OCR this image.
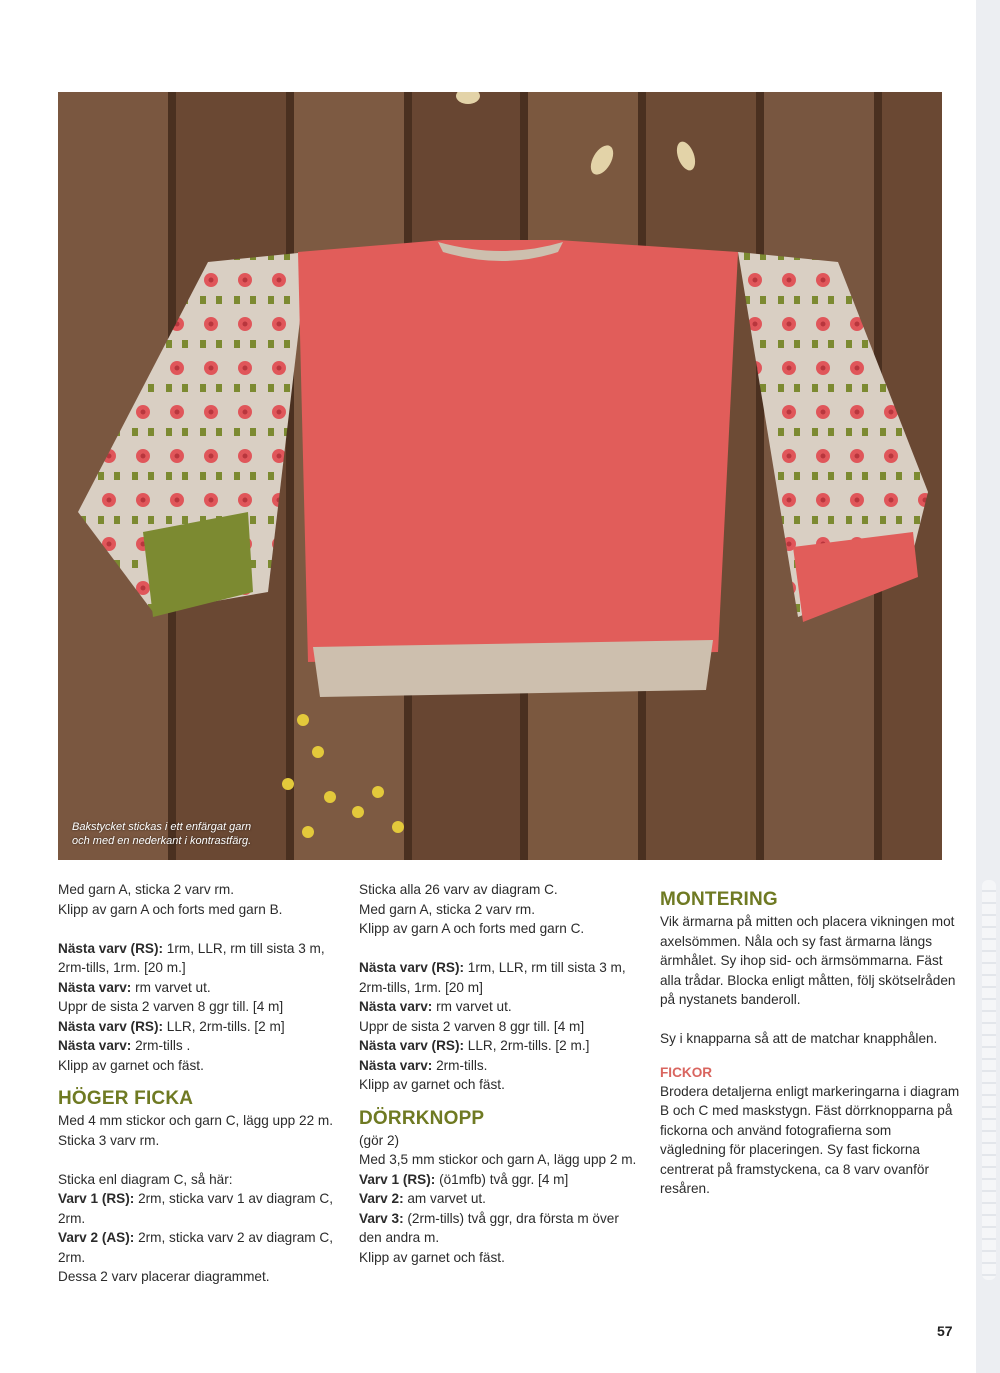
Bakstycket stickas i ett enfärgat garn
och med en nederkant i kontrastfärg.

Med garn A, sticka 2 varv rm.

Klipp av garn A och forts med garn B.

Nästa varv (RS): 1rm, LLR, rm till sista 3 m, 2rm-tills, 1rm. [20 m.]

Nästa varv: rm varvet ut.

Uppr de sista 2 varven 8 ggr till. [4 m]

Nästa varv (RS): LLR, 2rm-tills. [2 m]

Nästa varv: 2rm-tills .

Klipp av garnet och fäst.

HÖGER FICKA

Med 4 mm stickor och garn C, lägg upp 22 m.

Sticka 3 varv rm.

Sticka enl diagram C, så här:

Varv 1 (RS): 2rm, sticka varv 1 av diagram C, 2rm.

Varv 2 (AS): 2rm, sticka varv 2 av diagram C, 2rm.

Dessa 2 varv placerar diagrammet.

Sticka alla 26 varv av diagram C.

Med garn A, sticka 2 varv rm.

Klipp av garn A och forts med garn C.

Nästa varv (RS): 1rm, LLR, rm till sista 3 m, 2rm-tills, 1rm. [20 m]

Nästa varv: rm varvet ut.

Uppr de sista 2 varven 8 ggr till. [4 m]

Nästa varv (RS): LLR, 2rm-tills. [2 m.]

Nästa varv: 2rm-tills.

Klipp av garnet och fäst.

DÖRRKNOPP

(gör 2)

Med 3,5 mm stickor och garn A, lägg upp 2 m.

Varv 1 (RS): (ö1mfb) två ggr. [4 m]

Varv 2: am varvet ut.

Varv 3: (2rm-tills) två ggr, dra första m över den andra m.

Klipp av garnet och fäst.

MONTERING

Vik ärmarna på mitten och placera vikningen mot axelsömmen. Nåla och sy fast ärmarna längs ärmhålet. Sy ihop sid- och ärmsömmarna. Fäst alla trådar. Blocka enligt måtten, följ skötselråden på nystanets banderoll.

Sy i knapparna så att de matchar knapphålen.

FICKOR

Brodera detaljerna enligt markeringarna i diagram B och C med maskstygn. Fäst dörrknopparna på fickorna och använd fotografierna som vägledning för placeringen. Sy fast fickorna centrerat på framstyckena, ca 8 varv ovanför resåren.

57
